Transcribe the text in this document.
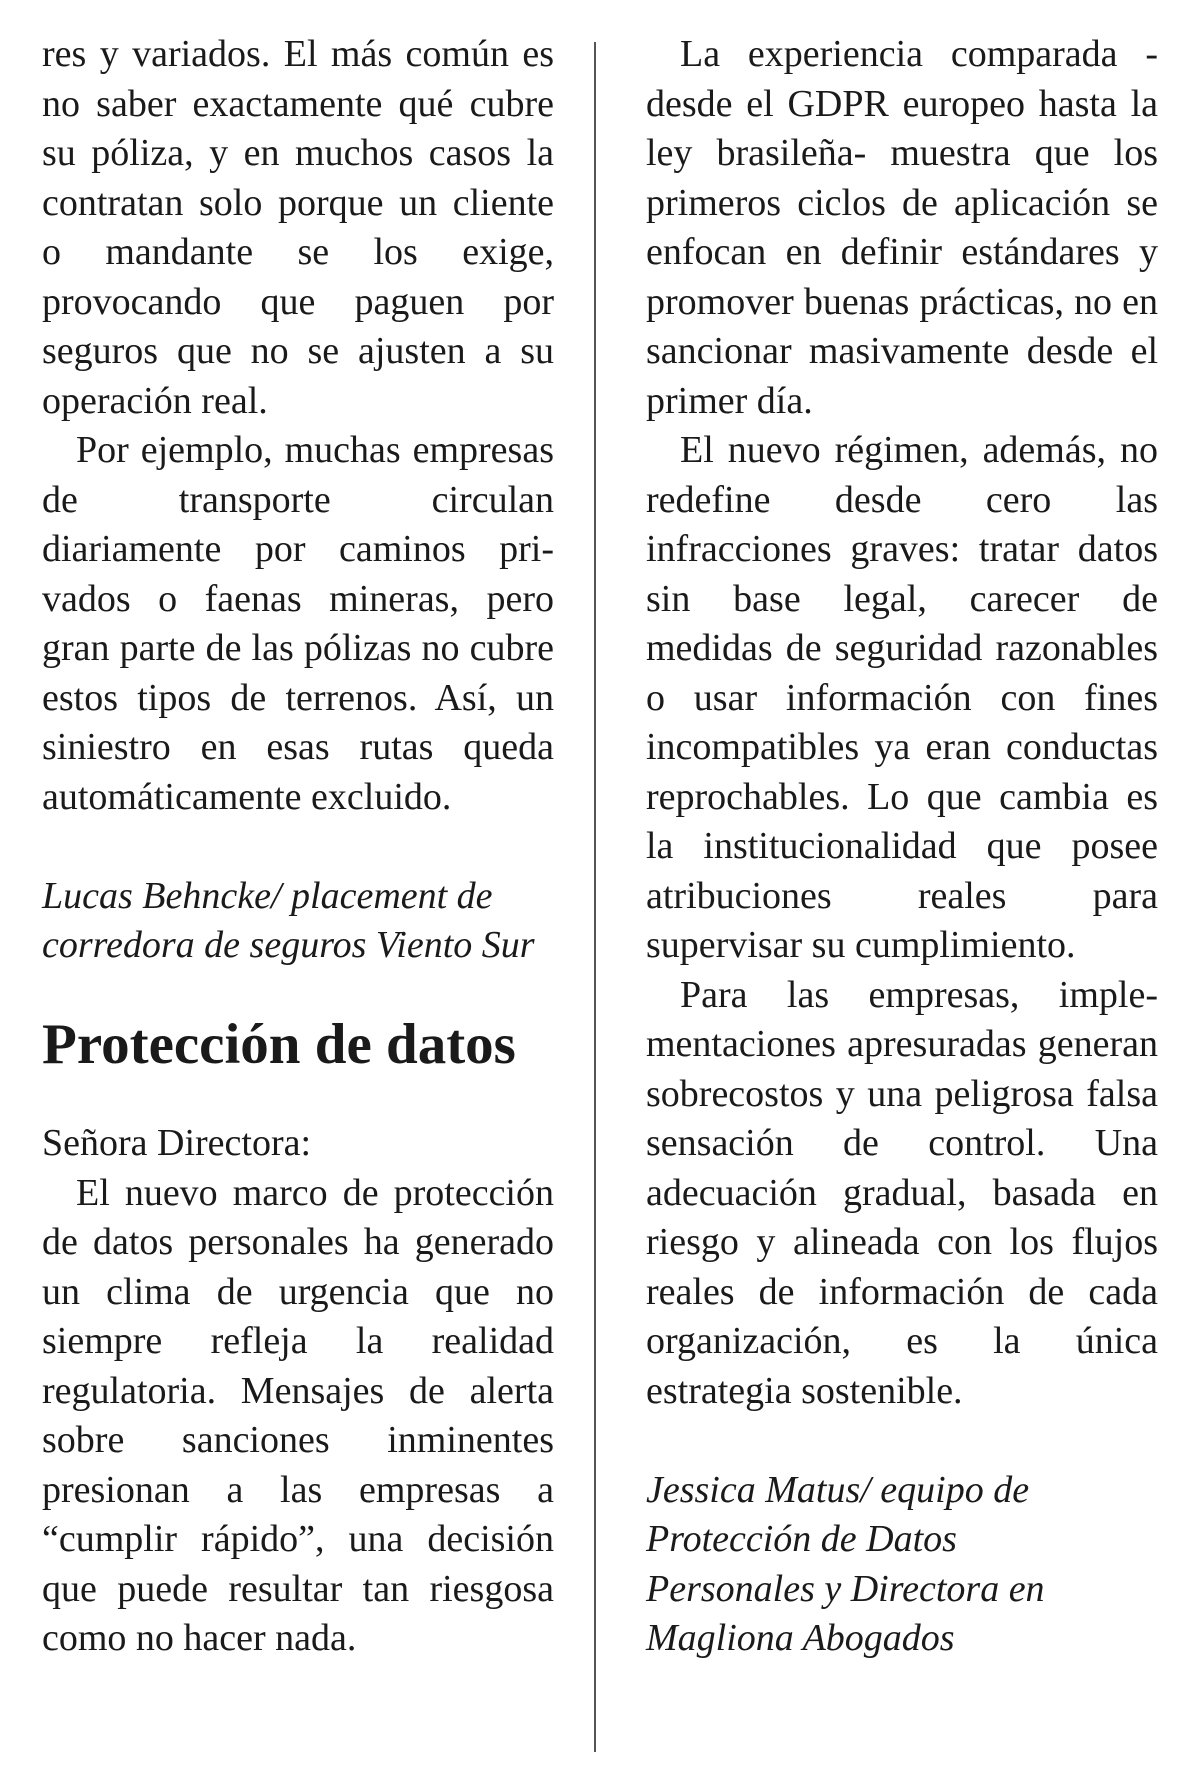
res y variados. El más común es no saber exactamente qué cubre su póliza, y en muchos casos la contratan solo porque un cliente o mandante se los exige, provocando que paguen por seguros que no se ajusten a su operación real.

Por ejemplo, muchas empresas de transporte circulan diariamente por caminos privados o faenas mineras, pero gran parte de las pólizas no cubre estos tipos de terrenos. Así, un siniestro en esas rutas queda automáticamente excluido.

Lucas Behncke/ placement de

corredora de seguros Viento Sur

Protección de datos

Señora Directora:

El nuevo marco de protección de datos personales ha generado un clima de urgencia que no siempre refleja la realidad regulatoria. Mensajes de alerta sobre sanciones inminentes presionan a las empresas a “cumplir rápido”, una decisión que puede resultar tan riesgosa como no hacer nada.

La experiencia comparada -desde el GDPR europeo hasta la ley brasileña- muestra que los primeros ciclos de aplicación se enfocan en definir estándares y promover buenas prácticas, no en sancionar masivamente desde el primer día.

El nuevo régimen, además, no redefine desde cero las infracciones graves: tratar datos sin base legal, carecer de medidas de seguridad razonables o usar información con fines incompatibles ya eran conductas reprochables. Lo que cambia es la institucionalidad que posee atribuciones reales para supervisar su cumplimiento.

Para las empresas, implementaciones apresuradas generan sobrecostos y una peligrosa falsa sensación de control. Una adecuación gradual, basada en riesgo y alineada con los flujos reales de información de cada organización, es la única estrategia sostenible.

Jessica Matus/ equipo de

Protección de Datos

Personales y Directora en

Magliona Abogados
